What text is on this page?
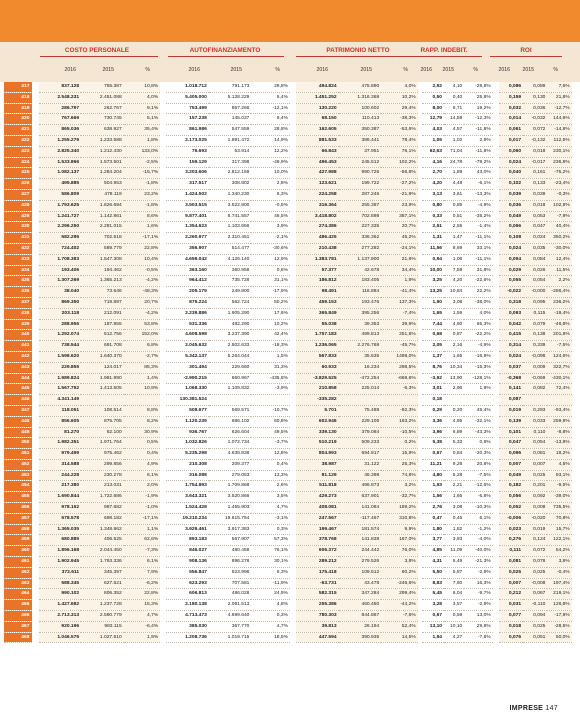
COSTO PERSONALE	AUTOFINANZIAMENTO	PATRIMONIO NETTO	RAPP. INDEBIT.	ROI
2016	2015	%	2016	2015	%	2016	2015	%	2016	2015	%	2016	2015	%
	417		837.128	755.387	10,8%		1.018.712	791.173	28,8%		494.824	475.890	4,0%		2,92	4,10	-28,8%		0,086	0,089	7,6%	
	418		2.548.231	2.451.088	4,0%		5.405.000	5.128.229	5,4%		1.451.252	1.316.368	10,2%		0,50	0,40	25,8%		0,159	0,130	21,8%	
	419		286.797	262.767	9,1%		753.499	857.266	-12,1%		130.220	100.602	29,4%		8,00	6,71	19,2%		0,032	0,036	-12,7%	
	420		767.669	730.745	5,1%		157.238	145.037	8,4%		68.150	110.413	-38,3%		12,79	14,59	-12,3%		0,014	-0,032	144,6%	
	421		865.036	638.927	35,4%		861.986	547.559	28,8%		162.605	350.387	-53,6%		4,03	4,57	-11,8%		0,061	0,072	-14,8%	
	422		1.255.279	1.233.588	1,8%		2.173.025	1.891.472	14,9%		881.533	386.441	78,4%		1,05	1,02	2,9%		0,017	-0,132	112,5%	
	423		2.825.340	1.212.430	133,0%		76.693	53.914	12,2%		66.843	37.951	76,1%		62,63	71,04	-11,8%		0,060	0,018	230,1%	
	424		1.533.866	1.573.501	-2,5%		159.129	317.398	-49,9%		496.453	245.512	102,2%		4,16	24,78	-78,2%		0,024	-0,017	236,8%	
	425		1.082.137	1.284.204	-15,7%		3.203.606	2.812.159	10,0%		427.988	990.726	-56,8%		2,70	1,89	43,0%		0,040	0,161	-75,2%	
	426		495.885	504.953	-1,8%		317.517	308.802	2,8%		123.621	199.722	-27,2%		4,20	4,48	-6,1%		0,102	0,133	-23,4%	
	427		586.809	478.119	23,2%		1.424.502	1.340.230	6,3%		224.258	287.246	-21,9%		3,13	3,61	-13,3%		0,039	0,039	-0,3%	
	428		1.793.625	1.826.694	-1,8%		3.503.515	3.522.800	-0,5%		316.364	255.387	23,9%		0,80	0,85	-4,9%		0,036	0,018	102,8%	
	429		1.241.727	1.142.861	8,6%		9.877.401	6.741.557	46,5%		3.418.802	702.898	387,1%		0,33	0,51	-35,2%		0,049	0,053	-7,9%	
	430		2.296.250	2.281.015	1,6%		1.354.623	1.103.656	3,9%		274.386	227.335	20,7%		2,51	2,55	-1,4%		0,066	0,047	40,4%	
	431		582.295	702.518	-17,1%		2.260.977	2.310.451	-2,1%		486.425	336.362	45,2%		1,31	1,47	-11,1%		0,108	0,024	350,2%	
	432		724.402	589.779	22,8%		356.907	514.477	-30,6%		210.438	277.282	-24,1%		11,56	8,69	33,1%		0,024	0,035	-30,0%	
	433		1.708.383	1.547.308	10,4%		4.659.042	4.126.140	12,9%		1.383.781	1.137.900	21,6%		0,94	1,06	-11,1%		0,094	0,084	12,4%	
	434		193.406	194.462	-0,5%		363.160	360.958	0,6%		57.377	42.678	34,4%		10,00	7,59	31,8%		0,029	0,026	11,5%	
	435		1.307.269	1.365.213	-4,2%		964.412	735.728	31,1%		186.812	183.405	1,9%		3,25	4,20	-22,6%		0,055	0,054	2,2%	
	436		38.040	73.646	-48,3%		205.179	249.800	-17,9%		98.491	116.884	-41,4%		13,25	10,84	22,2%		-0,022	-0,000	-286,4%	
	437		869.350	719.897	20,7%		875.224	562.724	50,2%		459.153	193.476	137,3%		1,90	3,08	-38,0%		0,318	0,095	236,2%	
	438		203.118	212.091	-4,2%		2.239.886	1.905.290	17,6%		365.849	395.256	-7,4%		1,65	1,59	4,0%		0,093	0,115	-19,4%	
	439		288.955	187.855	53,8%		531.336	482.290	10,2%		55.038	39.353	39,9%		7,44	4,50	65,3%		0,042	0,079	-46,8%	
	440		1.292.074	512.756	152,0%		4.608.598	3.237.390	42,4%		1.757.183	499.813	251,6%		0,68	0,87	-22,2%		0,415	0,138	201,8%	
	441		738.544	691.708	6,8%		2.045.632	2.502.633	-18,3%		1.236.065	2.276.768	-45,7%		2,05	2,16	-4,9%		0,314	0,339	-7,5%	
	442		1.598.620	1.640.370	-2,7%		5.342.137	5.264.044	1,5%		567.833	35.535	1498,0%		1,37	1,65	-16,9%		0,024	-0,098	124,6%	
	443		229.855	124.017	85,3%		301.494	229.660	31,3%		60.933	16.234	298,5%		8,76	10,34	-15,3%		0,037	0,009	322,7%	
	444		1.989.824	1.981.990	1,4%		-2.990.215	860.967	-435,8%		-3.829.525	-472.254	-668,6%		-3,92	13,90	-128,1%		-0,368	-0,069	-430,1%	
	445		1.567.752	1.413.505	10,9%		1.068.330	1.109.832	-3,9%		210.858	225.014	-6,3%		3,01	2,96	1,8%		0,141	0,082	72,4%	
	446		4.341.149				130.381.524				-335.282				0,18				0,087			
	447		118.051	108.514	8,8%		508.677	569.571	-10,7%		5.701	75.488	-92,3%		0,29	0,20	45,4%		0,019	0,293	-93,4%	
	448		856.605	875.705	8,2%		1.120.239	686.102	60,8%		602.946	229.105	163,2%		3,36	4,95	-32,1%		0,139	0,033	259,8%	
	449		81.270	62.100	30,9%		936.767	626.604	49,5%		339.130	379.084	-10,5%		3,96	6,89	-43,3%		0,101	0,110	-8,8%	
	450		1.982.351	1.971.764	0,5%		1.032.826	1.072.734	-3,7%		510.219	509.233	0,2%		5,38	5,33	0,9%		0,047	0,054	-13,8%	
	451		979.499	975.462	0,4%		5.235.298	4.639.836	12,8%		804.993	694.817	15,9%		0,67	0,84	-20,3%		0,096	0,081	18,2%	
	452		314.588	299.856	4,9%		210.308	209.377	0,4%		38.987	31.122	25,3%		11,21	9,28	20,8%		0,007	0,007	4,5%	
	453		244.228	230.278	6,1%		316.088	279.053	13,3%		81.129	46.398	74,8%		4,80	5,28	-7,5%		0,049	0,025	93,1%	
	454		217.380	213.031	2,0%		1.754.893	1.709.868	2,6%		511.818	496.873	3,2%		1,93	2,21	-12,6%		0,182	0,201	-9,5%	
	455		1.690.844	1.722.686	-1,9%		3.643.321	3.520.866	3,5%		429.273	637.901	-32,7%		1,56	1,65	-5,8%		0,056	0,092	-39,0%	
	456		978.152	987.682	-1,0%		1.524.428	1.455.903	4,7%		408.081	141.084	189,2%		2,76	3,08	-10,3%		0,052	0,008	735,5%	
	457		578.578	698.182	-17,1%		19.210.234	19.815.754	-3,1%		247.567	-117.467	310,8%		0,47	0,45	6,1%		-0,006	-0,020	70,8%	
	458		1.365.035	1.348.862	1,1%		3.929.461	3.917.383	0,3%		199.467	181.574	9,9%		1,80	1,82	-1,2%		0,023	0,019	15,7%	
	459		680.885	406.525	62,6%		893.183	567.907	57,3%		378.768	141.838	167,0%		3,77	3,93	-4,0%		0,276	0,124	122,1%	
	460		1.896.168	2.044.450	-7,3%		846.027	480.458	76,1%		606.372	244.442	76,0%		4,85	11,09	-40,0%		0,111	0,072	54,2%	
	461		1.902.945	1.793.336	6,1%		908.136	896.278	30,1%		289.212	279.526	3,8%		4,31	5,49	-21,3%		0,081	0,078	3,8%	
	462		372.611	345.397	7,9%		556.847	523.996	6,3%		175.418	109.512	60,2%		5,50	5,87	-2,9%		0,025	0,025	-0,4%	
	463		588.345	627.521	-6,2%		623.293	707.581	-11,9%		-63.731	43.478	-246,6%		8,83	7,60	16,3%		0,007	-0,008	197,4%	
	464		990.102	806.352	22,8%		606.813	486.028	24,9%		582.315	347.284	299,4%		5,45	6,04	-9,7%		0,212	0,067	219,1%	
	465		1.427.682	1.237.728	15,3%		2.180.138	2.061.513	4,8%		255.386	460.450	-44,2%		3,28	3,57	-2,9%		0,031	-0,110	126,8%	
	466		2.713.313	2.590.779	4,7%		4.713.473	4.699.640	0,3%		780.303	844.867	-7,6%		0,67	0,59	13,0%		0,077	0,094	-17,8%	
	467		920.196	983.115	-6,4%		385.030	367.770	4,7%		39.813	26.194	52,4%		13,10	10,10	29,8%		0,018	0,025	-28,5%	
	468		1.046.575	1.027.510	1,9%		1.208.736	1.019.715	18,5%		447.594	390.935	14,5%		1,94	4,27	-7,8%		0,076	0,051	50,0%	
IMPRESE 147
